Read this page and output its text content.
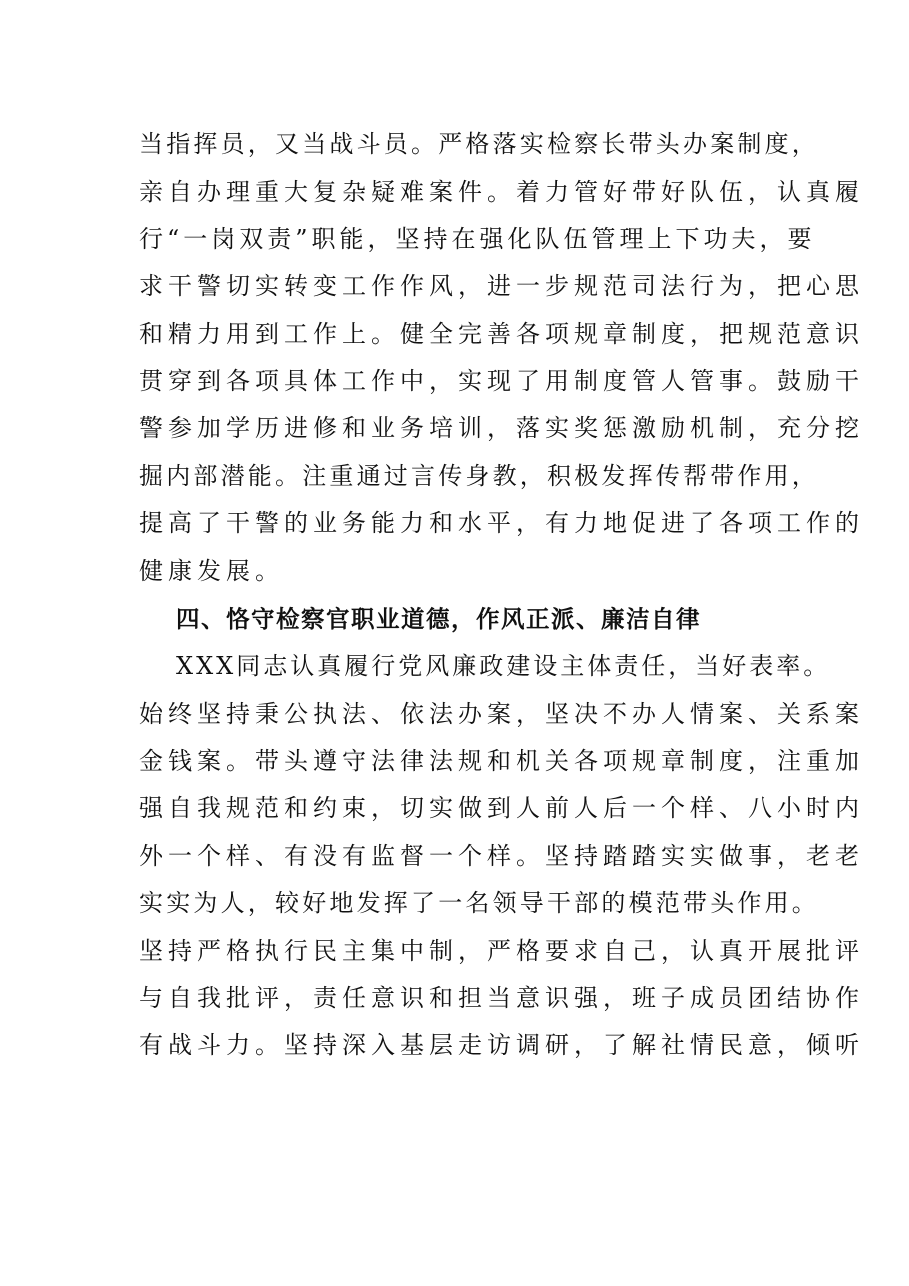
当指挥员，又当战斗员。严格落实检察长带头办案制度，
亲自办理重大复杂疑难案件。着力管好带好队伍，认真履
行“一岗双责”职能，坚持在强化队伍管理上下功夫，要
求干警切实转变工作作风，进一步规范司法行为，把心思
和精力用到工作上。健全完善各项规章制度，把规范意识
贯穿到各项具体工作中，实现了用制度管人管事。鼓励干
警参加学历进修和业务培训，落实奖惩激励机制，充分挖
掘内部潜能。注重通过言传身教，积极发挥传帮带作用，
提高了干警的业务能力和水平，有力地促进了各项工作的
健康发展。
四、恪守检察官职业道德，作风正派、廉洁自律
XXX同志认真履行党风廉政建设主体责任，当好表率。
始终坚持秉公执法、依法办案，坚决不办人情案、关系案
金钱案。带头遵守法律法规和机关各项规章制度，注重加
强自我规范和约束，切实做到人前人后一个样、八小时内
外一个样、有没有监督一个样。坚持踏踏实实做事，老老
实实为人，较好地发挥了一名领导干部的模范带头作用。
坚持严格执行民主集中制，严格要求自己，认真开展批评
与自我批评，责任意识和担当意识强，班子成员团结协作
有战斗力。坚持深入基层走访调研，了解社情民意，倾听
